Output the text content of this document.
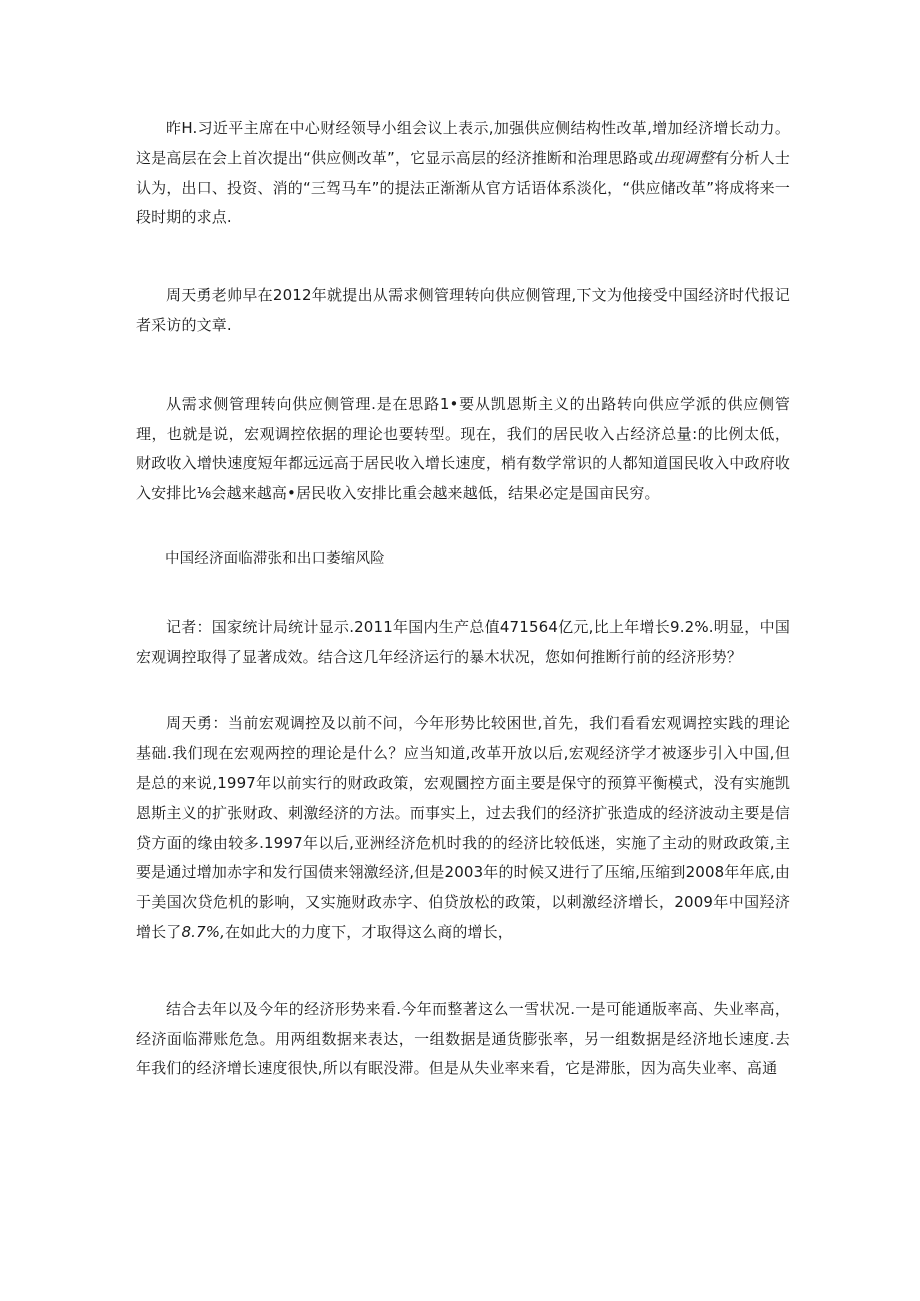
昨H.习近平主席在中心财经领导小组会议上表示,加强供应侧结构性改革,增加经济增长动力。这是高层在会上首次提出“供应侧改革”，它显示高层的经济推断和治理思路或出现调整有分析人士认为，出口、投资、消的“三驾马车”的提法正渐渐从官方话语体系淡化，“供应储改革”将成将来一段时期的求点.

周天勇老帅早在2012年就提出从需求侧管理转向供应侧管理,下文为他接受中国经济时代报记者采访的文章.

从需求侧管理转向供应侧管理.是在思路1•要从凯恩斯主义的出路转向供应学派的供应侧管理，也就是说，宏观调控依据的理论也要转型。现在，我们的居民收入占经济总量:的比例太低，财政收入增快速度短年都远远高于居民收入增长速度，梢有数学常识的人都知道国民收入中政府收入安排比⅛会越来越高•居民收入安排比重会越来越低，结果必定是国亩民穷。

中国经济面临滞张和出口萎缩风险

记者：国家统计局统计显示.2011年国内生产总值471564亿元,比上年增长9.2%.明显，中国宏观调控取得了显著成效。结合这几年经济运行的暴木状况，您如何推断行前的经济形势？

周天勇：当前宏观调控及以前不问，今年形势比较困世,首先，我们看看宏观调控实践的理论基础.我们现在宏观两控的理论是什么？应当知道,改革开放以后,宏观经济学才被逐步引入中国,但是总的来说,1997年以前实行的财政政策，宏观圜控方面主要是保守的预算平衡模式，没有实施凯恩斯主义的扩张财政、刺激经济的方法。而事实上，过去我们的经济扩张造成的经济波动主要是信贷方面的缘由较多.1997年以后,亚洲经济危机时我的的经济比较低迷，实施了主动的财政政策,主要是通过增加赤字和发行国债来翎激经济,但是2003年的时候又进行了压缩,压缩到2008年年底,由于美国次贷危机的影响，又实施财政赤字、伯贷放松的政策，以刺激经济增长，2009年中国羟济增长了8.7%,在如此大的力度下，才取得这么商的增长，

结合去年以及今年的经济形势来看.今年而整著这么一雪状况.一是可能通版率高、失业率高，经济面临滞账危急。用两组数据来表达，一组数据是通货膨张率，另一组数据是经济地长速度.去年我们的经济增长速度很快,所以有眠没滞。但是从失业率来看，它是滞胀，因为高失业率、高通
